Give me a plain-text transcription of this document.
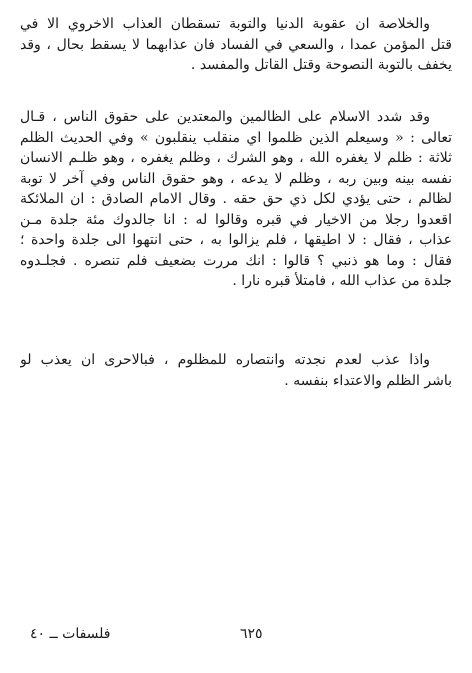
والخلاصة ان عقوبة الدنيا والتوبة تسقطان العذاب الاخروي الا في
قتل المؤمن عمدا ، والسعي في الفساد فان عذابهما لا يسقط بحال ، وقد
يخفف بالتوبة النصوحة وقتل القاتل والمفسد .
وقد شدد الاسلام على الظالمين والمعتدين على حقوق الناس ، قـال
تعالى : « وسيعلم الذين ظلموا اي منقلب ينقلبون » وفي الحديث الظلم
ثلاثة : ظلم لا يغفره الله ، وهو الشرك ، وظلم يغفره ، وهو ظلـم الانسان
نفسه بينه وبين ربه ، وظلم لا يدعه ، وهو حقوق الناس وفي آخر لا توبة
لظالم ، حتى يؤدي لكل ذي حق حقه . وقال الامام الصادق : ان الملائكة
اقعدوا رجلا من الاخيار في قبره وقالوا له : انا جالدوك مئة جلدة مـن
عذاب ، فقال : لا اطيقها ، فلم يزالوا به ، حتى انتهوا الى جلدة واحدة ؛
فقال : وما هو ذنبي ؟ قالوا : انك مررت بضعيف فلم تنصره . فجلـدوه
جلدة من عذاب الله ، فامتلأ قبره نارا .
واذا عذب لعدم نجدته وانتصاره للمظلوم ، فبالاحرى ان يعذب لو
باشر الظلم والاعتداء بنفسه .
٦٢٥
فلسفات ــ ٤٠
